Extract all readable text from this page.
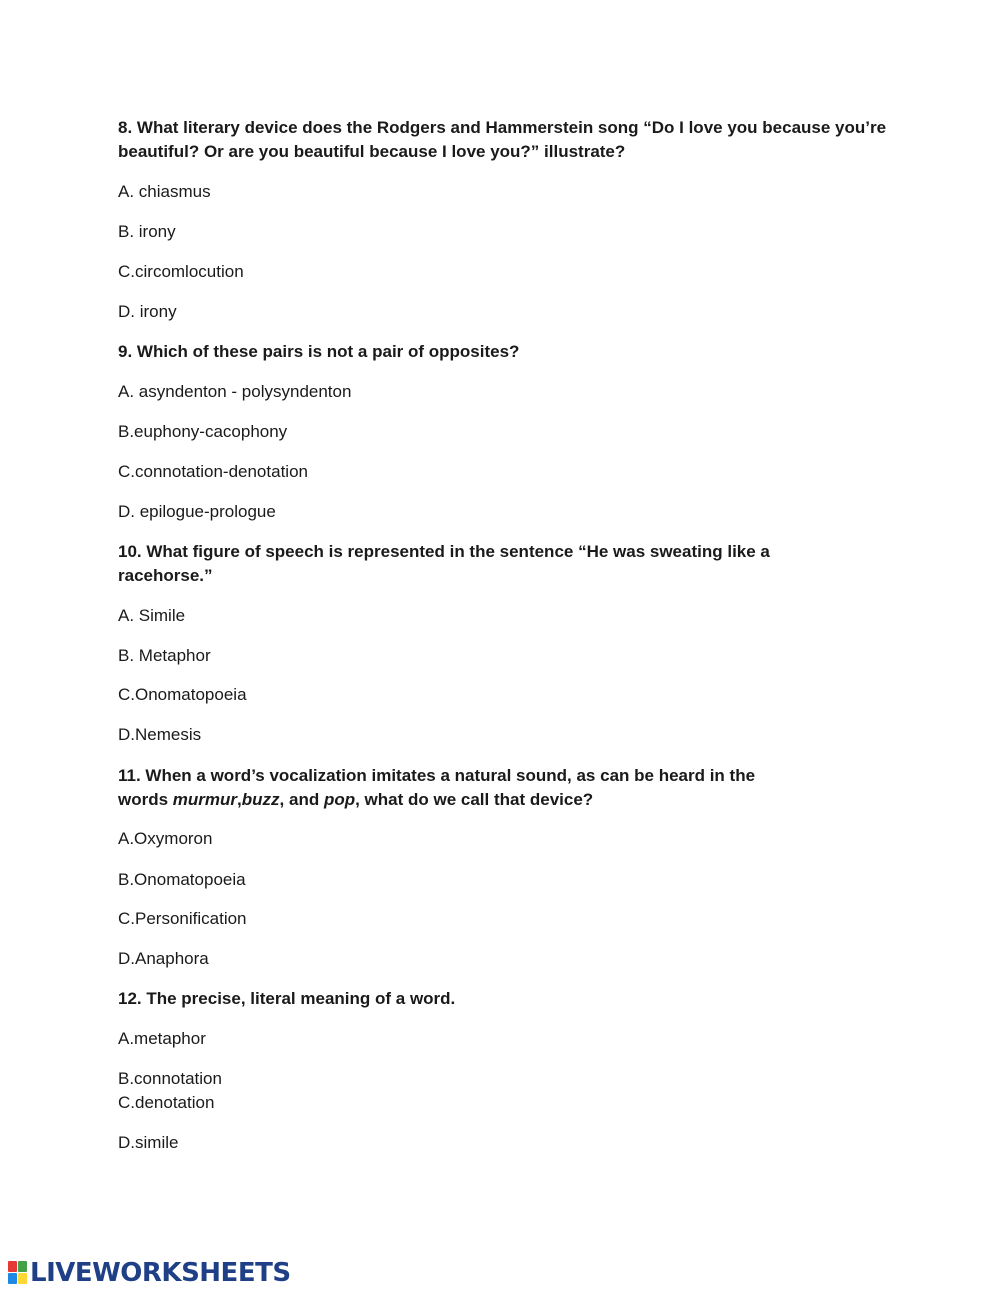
8. What literary device does the Rodgers and Hammerstein song “Do I love you because you’re beautiful? Or are you beautiful because I love you?” illustrate?
A. chiasmus
B. irony
C.circomlocution
D. irony
9. Which of these pairs is not a pair of opposites?
A. asyndenton - polysyndenton
B.euphony-cacophony
C.connotation-denotation
D. epilogue-prologue
10. What figure of speech is represented in the sentence “He was sweating like a racehorse.”
A. Simile
B. Metaphor
C.Onomatopoeia
D.Nemesis
11. When a word’s vocalization imitates a natural sound, as can be heard in the
words murmur,buzz, and pop, what do we call that device?
A.Oxymoron
B.Onomatopoeia
C.Personification
D.Anaphora
12. The precise, literal meaning of a word.
A.metaphor
B.connotation
C.denotation
D.simile
LIVEWORKSHEETS
